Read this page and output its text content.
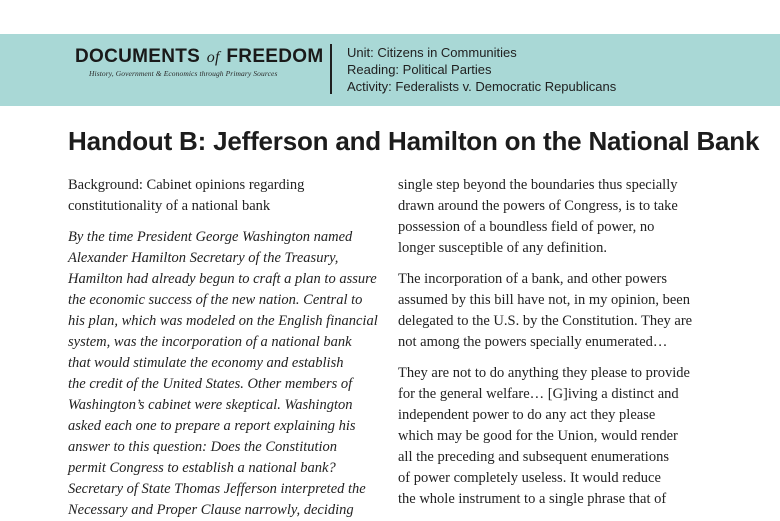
DOCUMENTS of FREEDOM
History, Government & Economics through Primary Sources
Unit: Citizens in Communities
Reading: Political Parties
Activity: Federalists v. Democratic Republicans
Handout B: Jefferson and Hamilton on the National Bank
Background: Cabinet opinions regarding
constitutionality of a national bank
By the time President George Washington named
Alexander Hamilton Secretary of the Treasury,
Hamilton had already begun to craft a plan to assure
the economic success of the new nation. Central to
his plan, which was modeled on the English financial
system, was the incorporation of a national bank
that would stimulate the economy and establish
the credit of the United States. Other members of
Washington’s cabinet were skeptical. Washington
asked each one to prepare a report explaining his
answer to this question: Does the Constitution
permit Congress to establish a national bank?
Secretary of State Thomas Jefferson interpreted the
Necessary and Proper Clause narrowly, deciding
single step beyond the boundaries thus specially
drawn around the powers of Congress, is to take
possession of a boundless field of power, no
longer susceptible of any definition.
The incorporation of a bank, and other powers
assumed by this bill have not, in my opinion, been
delegated to the U.S. by the Constitution. They are
not among the powers specially enumerated…
They are not to do anything they please to provide
for the general welfare… [G]iving a distinct and
independent power to do any act they please
which may be good for the Union, would render
all the preceding and subsequent enumerations
of power completely useless. It would reduce
the whole instrument to a single phrase that of
